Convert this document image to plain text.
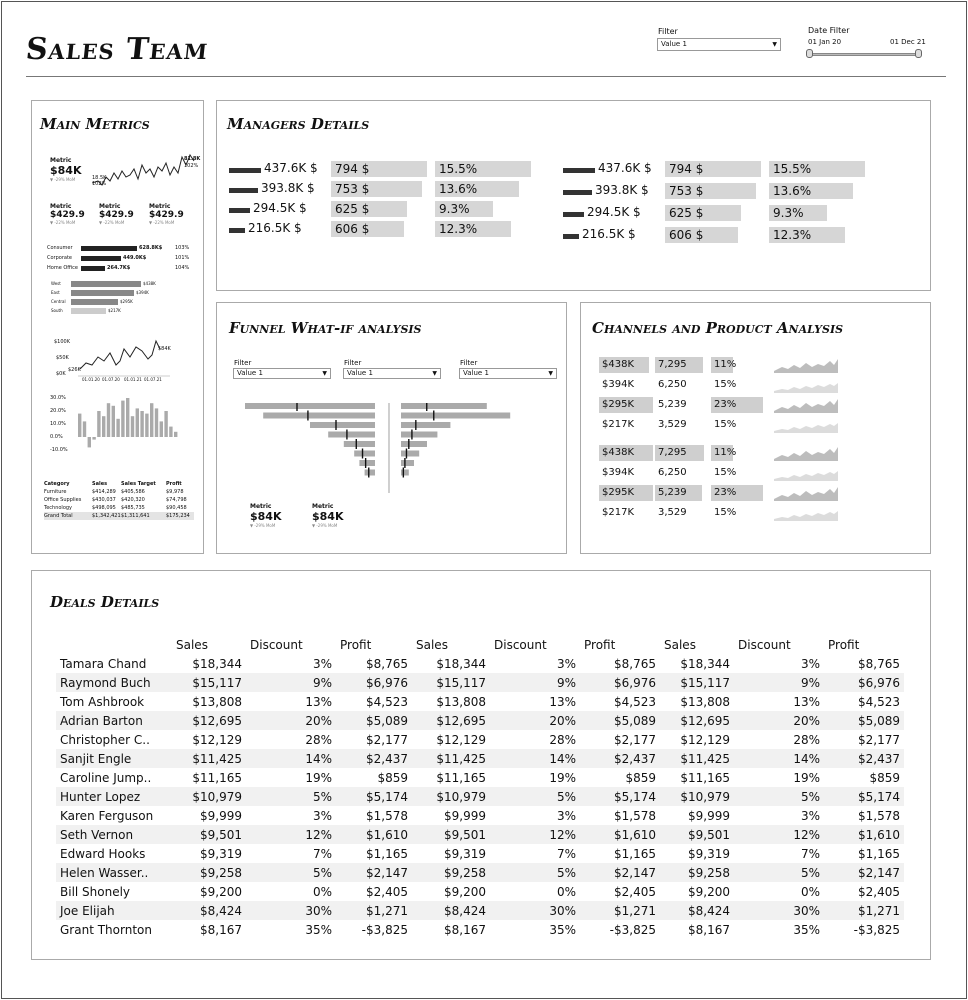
Sales Team
Filter
Value 1	▼
Date Filter
01 Jan 20	01 Dec 21
Main Metrics
Metric
$84K
▼ -29% MoM
81.8K
102%
18.5K
102%
Metric
$429.9
▼ -22% MoM
Metric
$429.9
▼ -22% MoM
Metric
$429.9
▼ -22% MoM
Consumer	628.8K$	103%
Corporate	449.0K$	101%
Home Office	264.7K$	104%
West	$438K
East	$394K
Central	$295K
South	$217K
$100K
$50K
$0K
$84K
$26K
01.01.20 01.07.20 01.01.21 01.07.21
30.0%
20.0%
10.0%
0.0%
-10.0%
Category	Sales	Sales Target Profit
Furniture	$414,289 $405,586	$9,978
Office Supplies $430,037 $420,320	$74,798
Technology	$498,095 $485,735	$90,458
Grand Total	$1,342,421 $1,311,641	$175,234
Managers Details
437.6K $ 794 $	15.5%
393.8K $ 753 $	13.6%
294.5K $ 625 $	9.3%
216.5K $	606 $	12.3%
437.6K $ 794 $	15.5%
393.8K $ 753 $	13.6%
294.5K $ 625 $	9.3%
216.5K $	606 $	12.3%
Funnel What-if analysis
Filter
Value 1	▼
Filter
Value 1	▼
Filter
Value 1	▼
Metric
$84K
▼ -29% MoM
Metric
$84K
▼ -29% MoM
Channels and Product Analysis
$438K 7,295	11%
$394K 6,250	15%
$295K 5,239	23%
$217K 3,529	15%
$438K 7,295	11%
$394K 6,250	15%
$295K 5,239	23%
$217K 3,529	15%
Deals Details
	Sales	Discount	Profit	Sales	Discount	Profit	Sales	Discount	Profit
Tamara Chand	$18,344	3%	$8,765	$18,344	3%	$8,765	$18,344	3%	$8,765
Raymond Buch	$15,117	9%	$6,976	$15,117	9%	$6,976	$15,117	9%	$6,976
Tom Ashbrook	$13,808	13%	$4,523	$13,808	13%	$4,523	$13,808	13%	$4,523
Adrian Barton	$12,695	20%	$5,089	$12,695	20%	$5,089	$12,695	20%	$5,089
Christopher C..	$12,129	28%	$2,177	$12,129	28%	$2,177	$12,129	28%	$2,177
Sanjit Engle	$11,425	14%	$2,437	$11,425	14%	$2,437	$11,425	14%	$2,437
Caroline Jump..	$11,165	19%	$859	$11,165	19%	$859	$11,165	19%	$859
Hunter Lopez	$10,979	5%	$5,174	$10,979	5%	$5,174	$10,979	5%	$5,174
Karen Ferguson	$9,999	3%	$1,578	$9,999	3%	$1,578	$9,999	3%	$1,578
Seth Vernon	$9,501	12%	$1,610	$9,501	12%	$1,610	$9,501	12%	$1,610
Edward Hooks	$9,319	7%	$1,165	$9,319	7%	$1,165	$9,319	7%	$1,165
Helen Wasser..	$9,258	5%	$2,147	$9,258	5%	$2,147	$9,258	5%	$2,147
Bill Shonely	$9,200	0%	$2,405	$9,200	0%	$2,405	$9,200	0%	$2,405
Joe Elijah	$8,424	30%	$1,271	$8,424	30%	$1,271	$8,424	30%	$1,271
Grant Thornton	$8,167	35%	-$3,825	$8,167	35%	-$3,825	$8,167	35%	-$3,825
